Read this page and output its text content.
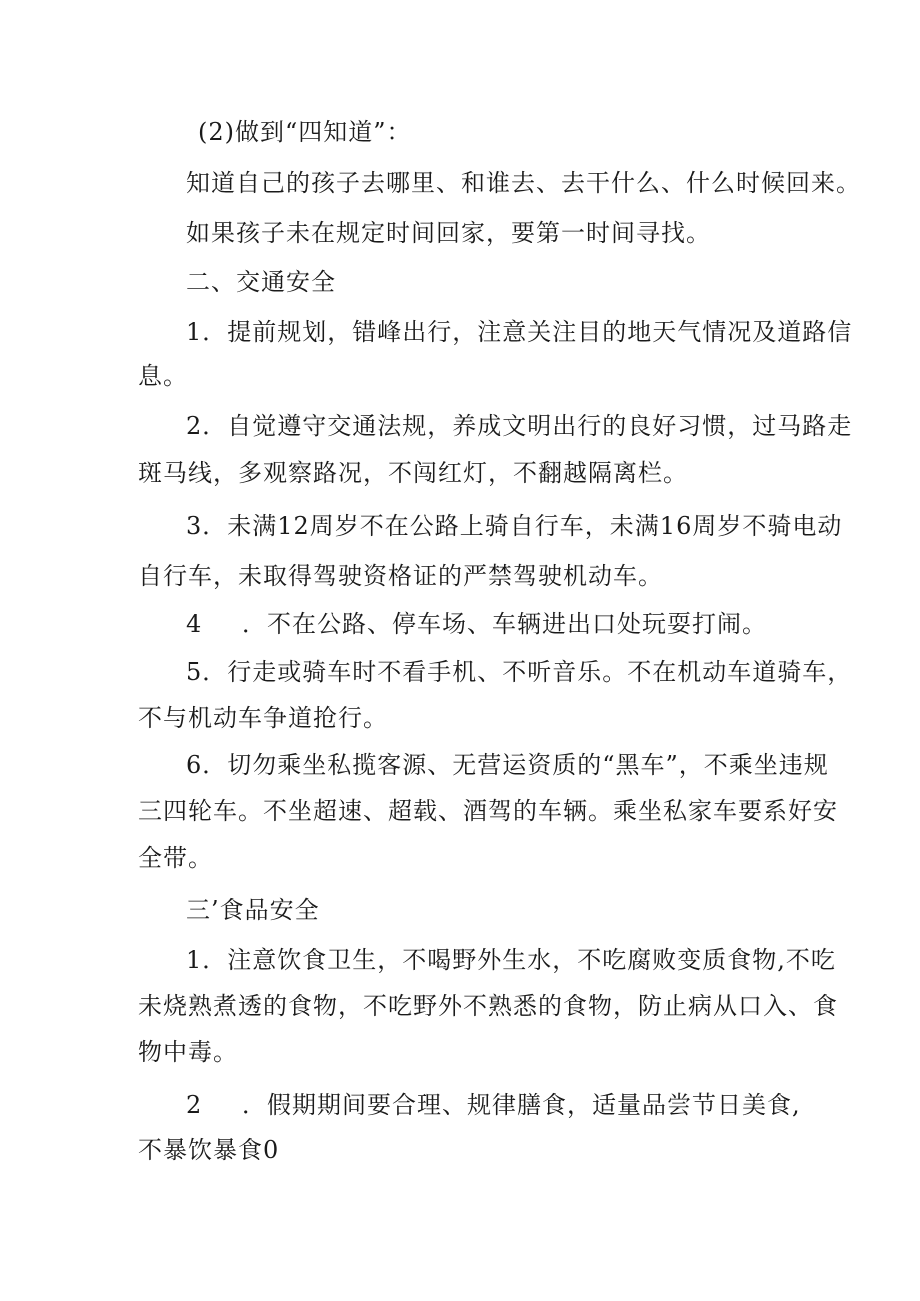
(2)做到“四知道”：
知道自己的孩子去哪里、和谁去、去干什么、什么时候回来。
如果孩子未在规定时间回家，要第一时间寻找。
二、交通安全
1．提前规划，错峰出行，注意关注目的地天气情况及道路信
息。
2．自觉遵守交通法规，养成文明出行的良好习惯，过马路走
斑马线，多观察路况，不闯红灯，不翻越隔离栏。
3．未满12周岁不在公路上骑自行车，未满16周岁不骑电动
自行车，未取得驾驶资格证的严禁驾驶机动车。
4 ．不在公路、停车场、车辆进出口处玩耍打闹。
5．行走或骑车时不看手机、不听音乐。不在机动车道骑车，
不与机动车争道抢行。
6．切勿乘坐私揽客源、无营运资质的“黑车”，不乘坐违规
三四轮车。不坐超速、超载、酒驾的车辆。乘坐私家车要系好安
全带。
三’食品安全
1．注意饮食卫生，不喝野外生水，不吃腐败变质食物,不吃
未烧熟煮透的食物，不吃野外不熟悉的食物，防止病从口入、食
物中毒。
2 ．假期期间要合理、规律膳食，适量品尝节日美食,
不暴饮暴食0
